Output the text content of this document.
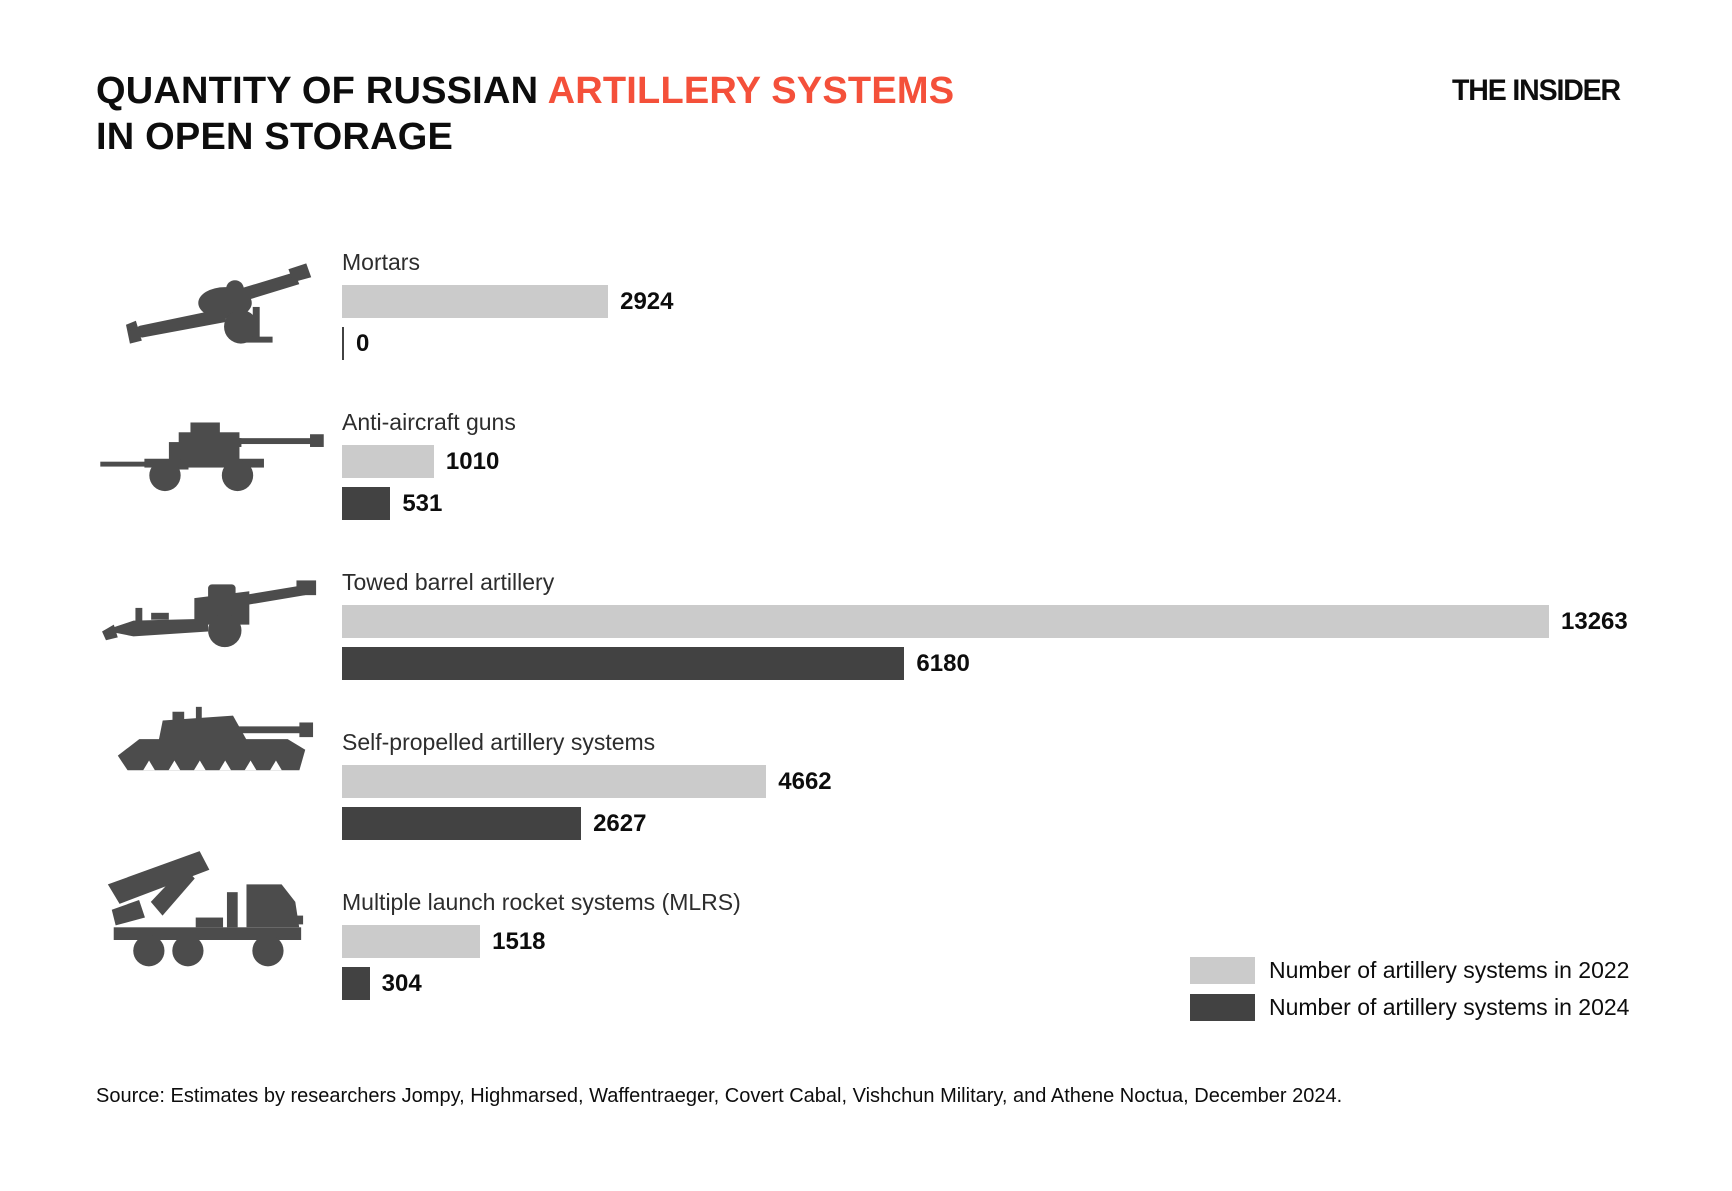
QUANTITY OF RUSSIAN ARTILLERY SYSTEMS
IN OPEN STORAGE
THE INSIDER
Mortars
2924
0
Anti-aircraft guns
1010
531
Towed barrel artillery
13263
6180
Self-propelled artillery systems
4662
2627
Multiple launch rocket systems (MLRS)
1518
304	Number of artillery systems in 2022
Number of artillery systems in 2024
Source: Estimates by researchers Jompy, Highmarsed, Waffentraeger, Covert Cabal, Vishchun Military, and Athene Noctua, December 2024.
